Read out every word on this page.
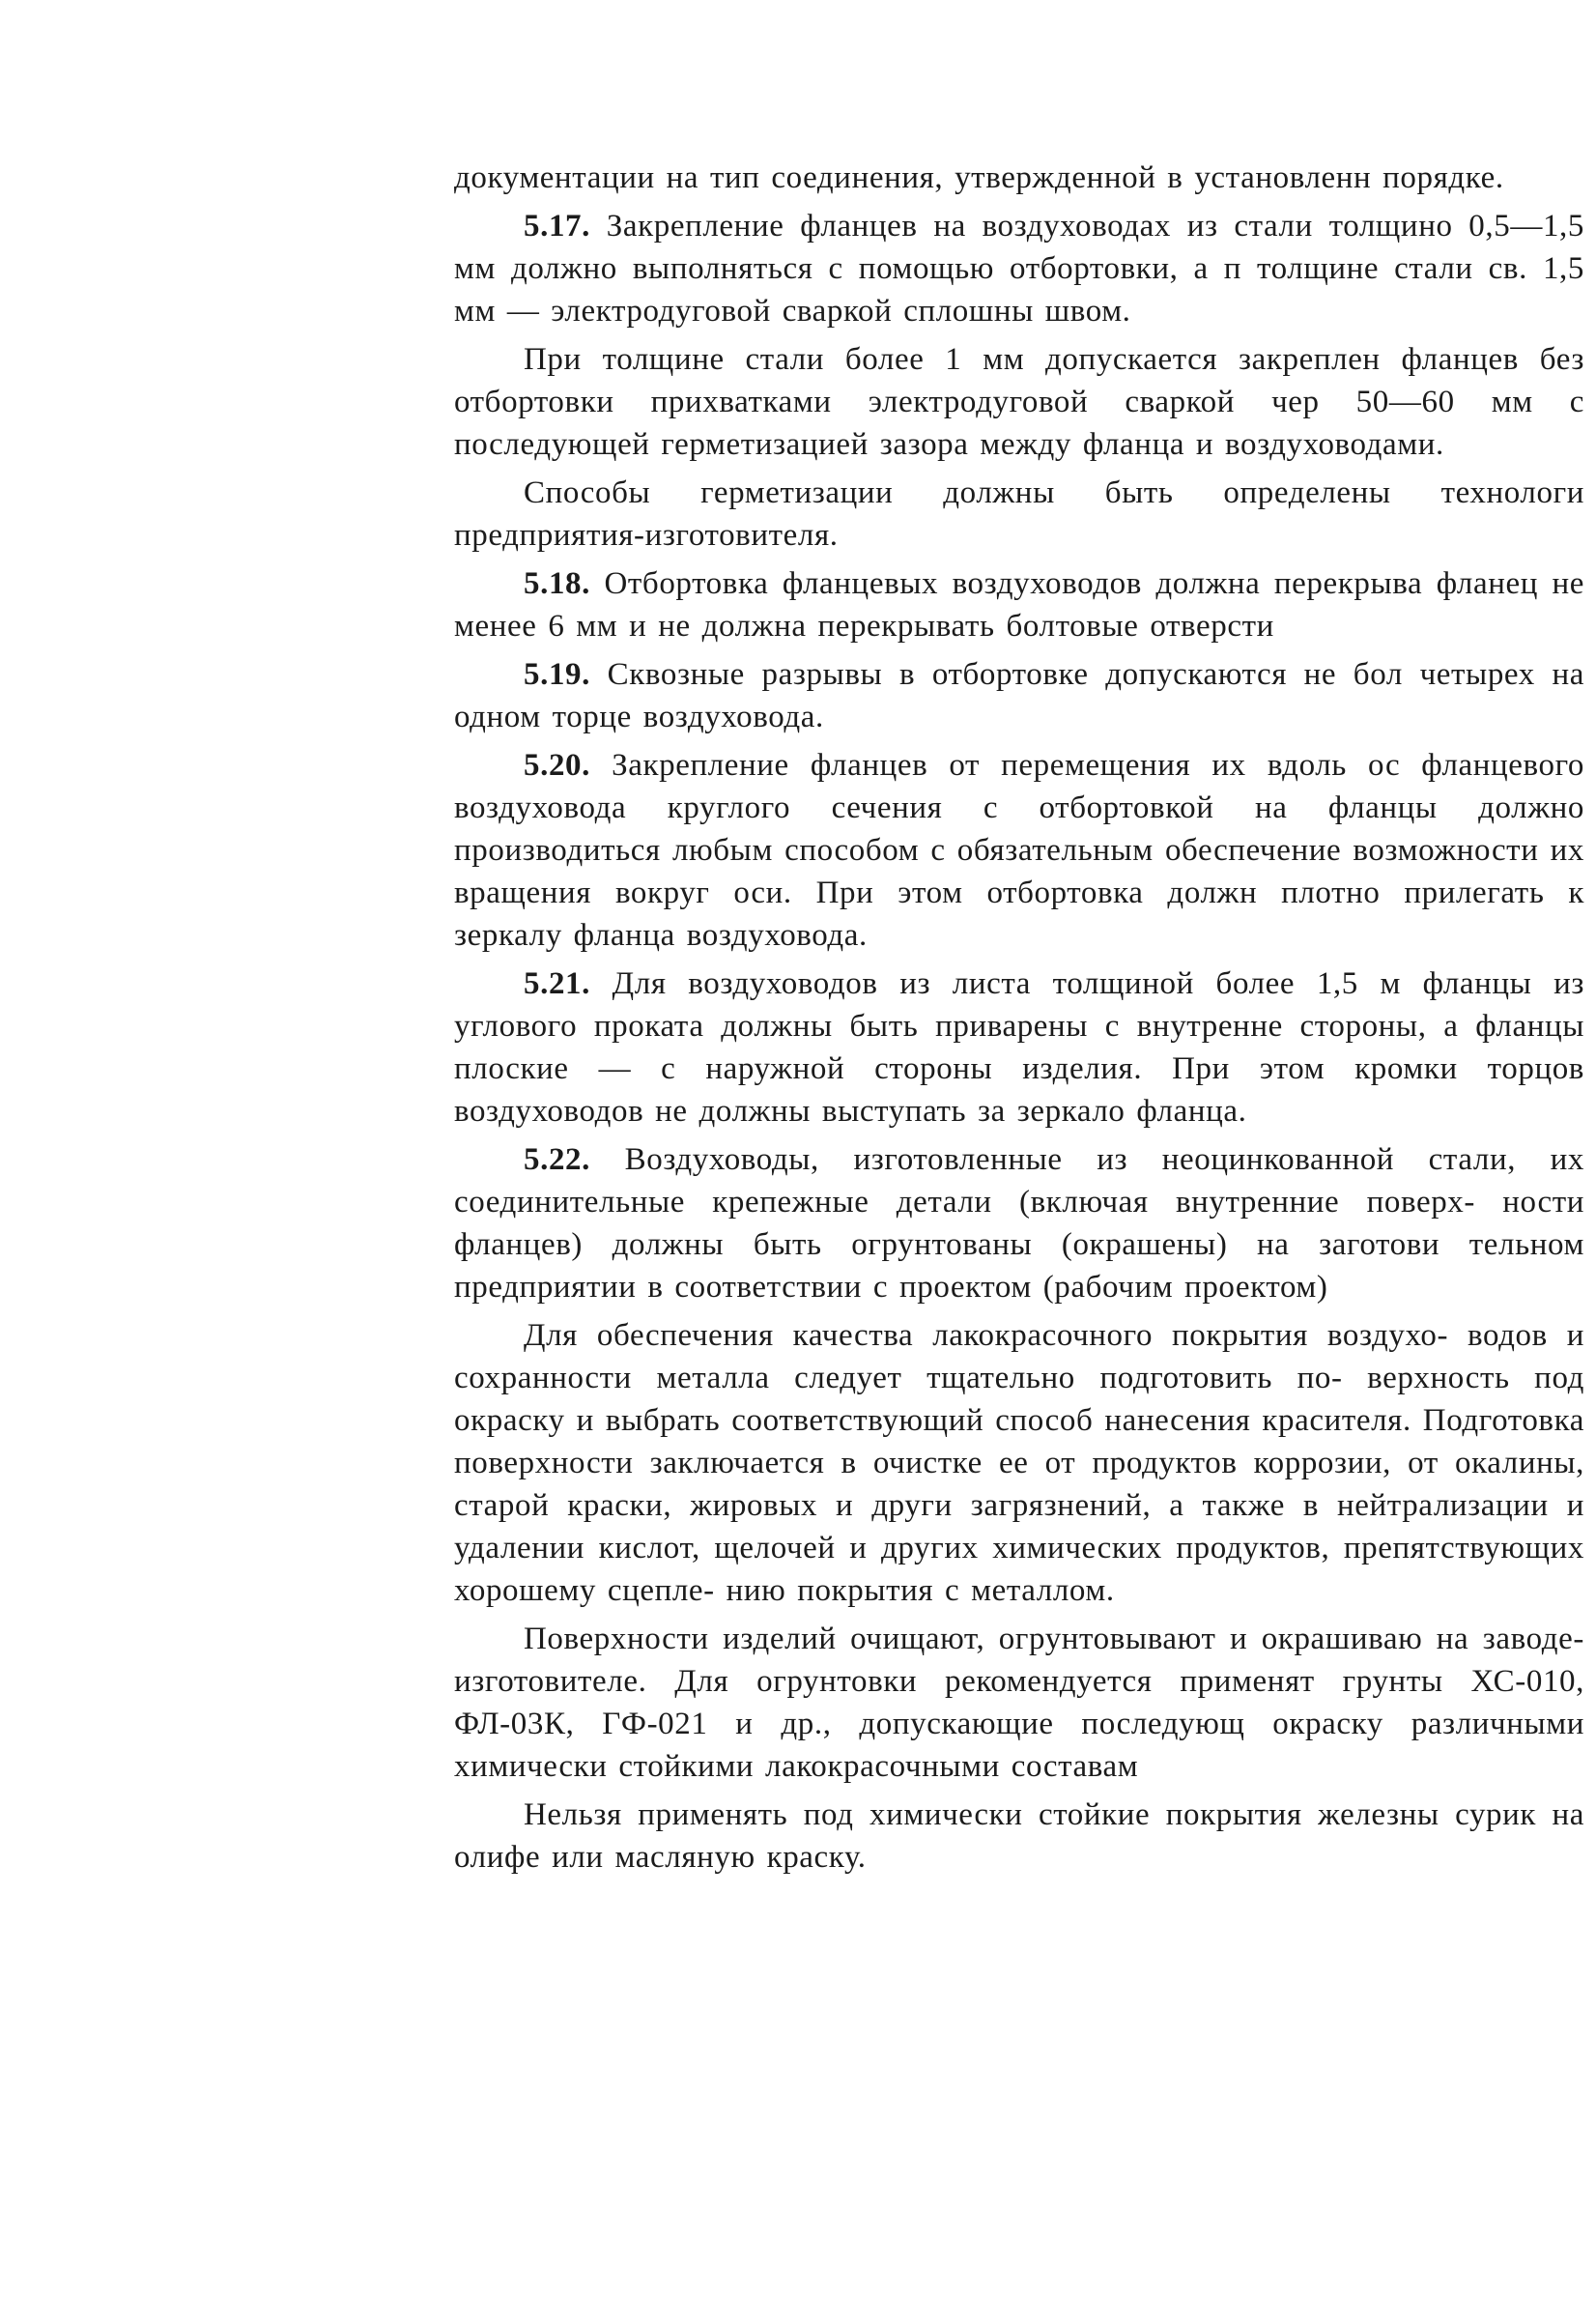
документации на тип соединения, утвержденной в установленн порядке.

5.17. Закрепление фланцев на воздуховодах из стали толщино 0,5—1,5 мм должно выполняться с помощью отбортовки, а п толщине стали св. 1,5 мм — электродуговой сваркой сплошны швом.

При толщине стали более 1 мм допускается закреплен фланцев без отбортовки прихватками электродуговой сваркой чер 50—60 мм с последующей герметизацией зазора между фланца и воздуховодами.

Способы герметизации должны быть определены технологи предприятия-изготовителя.

5.18. Отбортовка фланцевых воздуховодов должна перекрыва фланец не менее 6 мм и не должна перекрывать болтовые отверсти

5.19. Сквозные разрывы в отбортовке допускаются не бол четырех на одном торце воздуховода.

5.20. Закрепление фланцев от перемещения их вдоль ос фланцевого воздуховода круглого сечения с отбортовкой на фланцы должно производиться любым способом с обязательным обеспечение возможности их вращения вокруг оси. При этом отбортовка должн плотно прилегать к зеркалу фланца воздуховода.

5.21. Для воздуховодов из листа толщиной более 1,5 м фланцы из углового проката должны быть приварены с внутренне стороны, а фланцы плоские — с наружной стороны изделия. При этом кромки торцов воздуховодов не должны выступать за зеркало фланца.

5.22. Воздуховоды, изготовленные из неоцинкованной стали, их соединительные крепежные детали (включая внутренние поверх- ности фланцев) должны быть огрунтованы (окрашены) на заготови тельном предприятии в соответствии с проектом (рабочим проектом)

Для обеспечения качества лакокрасочного покрытия воздухо- водов и сохранности металла следует тщательно подготовить по- верхность под окраску и выбрать соответствующий способ нанесения красителя. Подготовка поверхности заключается в очистке ее от продуктов коррозии, от окалины, старой краски, жировых и други загрязнений, а также в нейтрализации и удалении кислот, щелочей и других химических продуктов, препятствующих хорошему сцепле- нию покрытия с металлом.

Поверхности изделий очищают, огрунтовывают и окрашиваю на заводе-изготовителе. Для огрунтовки рекомендуется применят грунты ХС-010, ФЛ-03К, ГФ-021 и др., допускающие последующ окраску различными химически стойкими лакокрасочными составам

Нельзя применять под химически стойкие покрытия железны сурик на олифе или масляную краску.
